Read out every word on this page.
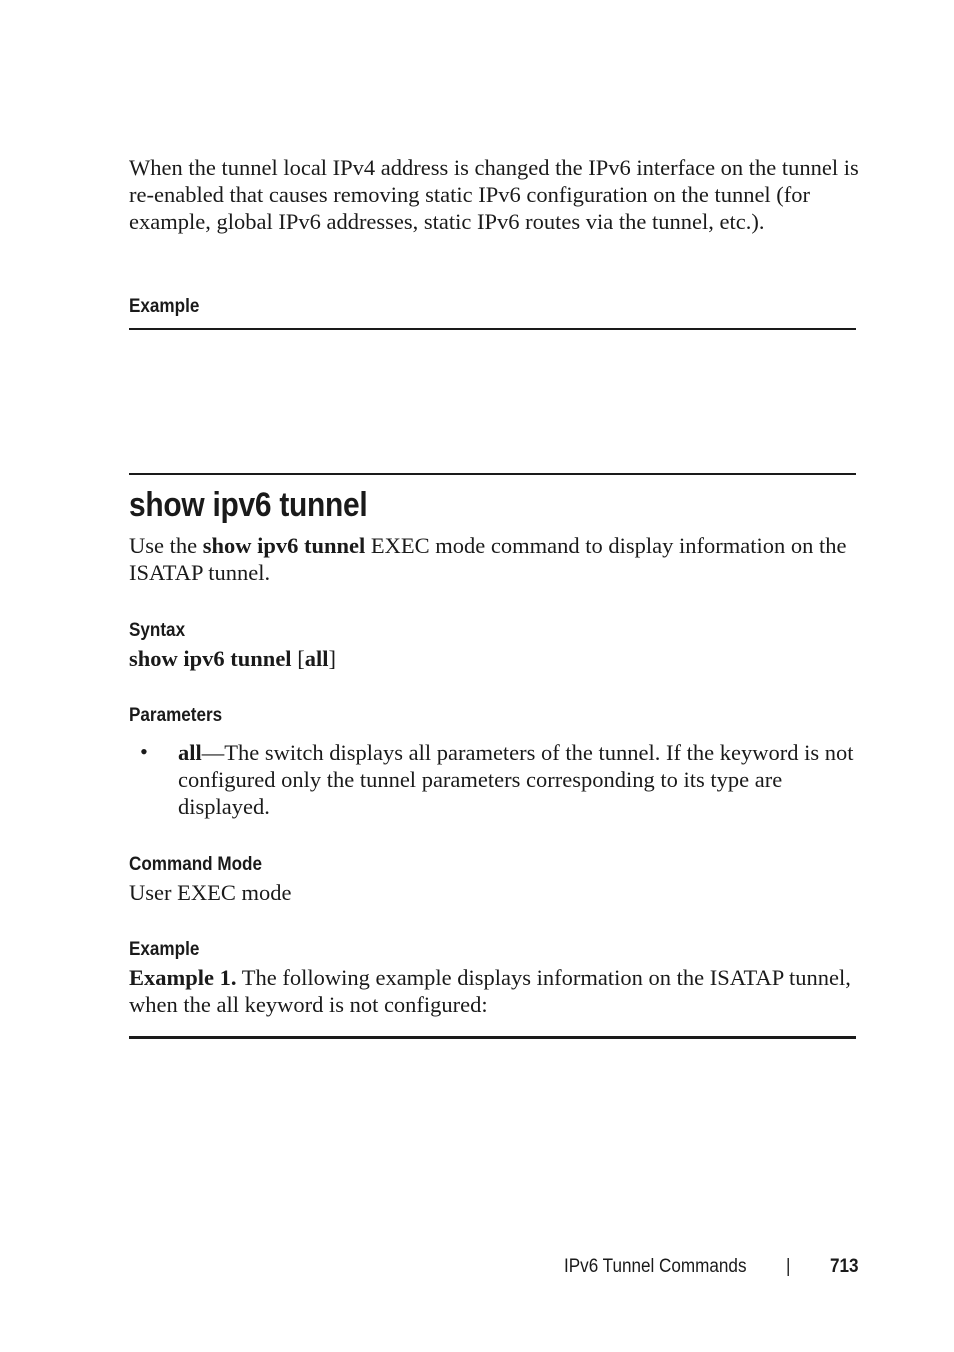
When the tunnel local IPv4 address is changed the IPv6 interface on the tunnel is re-enabled that causes removing static IPv6 configuration on the tunnel (for example, global IPv6 addresses, static IPv6 routes via the tunnel, etc.).
Example
show ipv6 tunnel
Use the show ipv6 tunnel EXEC mode command to display information on the ISATAP tunnel.
Syntax
show ipv6 tunnel [all]
Parameters
• all—The switch displays all parameters of the tunnel. If the keyword is not configured only the tunnel parameters corresponding to its type are displayed.
Command Mode
User EXEC mode
Example
Example 1. The following example displays information on the ISATAP tunnel, when the all keyword is not configured:
IPv6 Tunnel Commands | 713
